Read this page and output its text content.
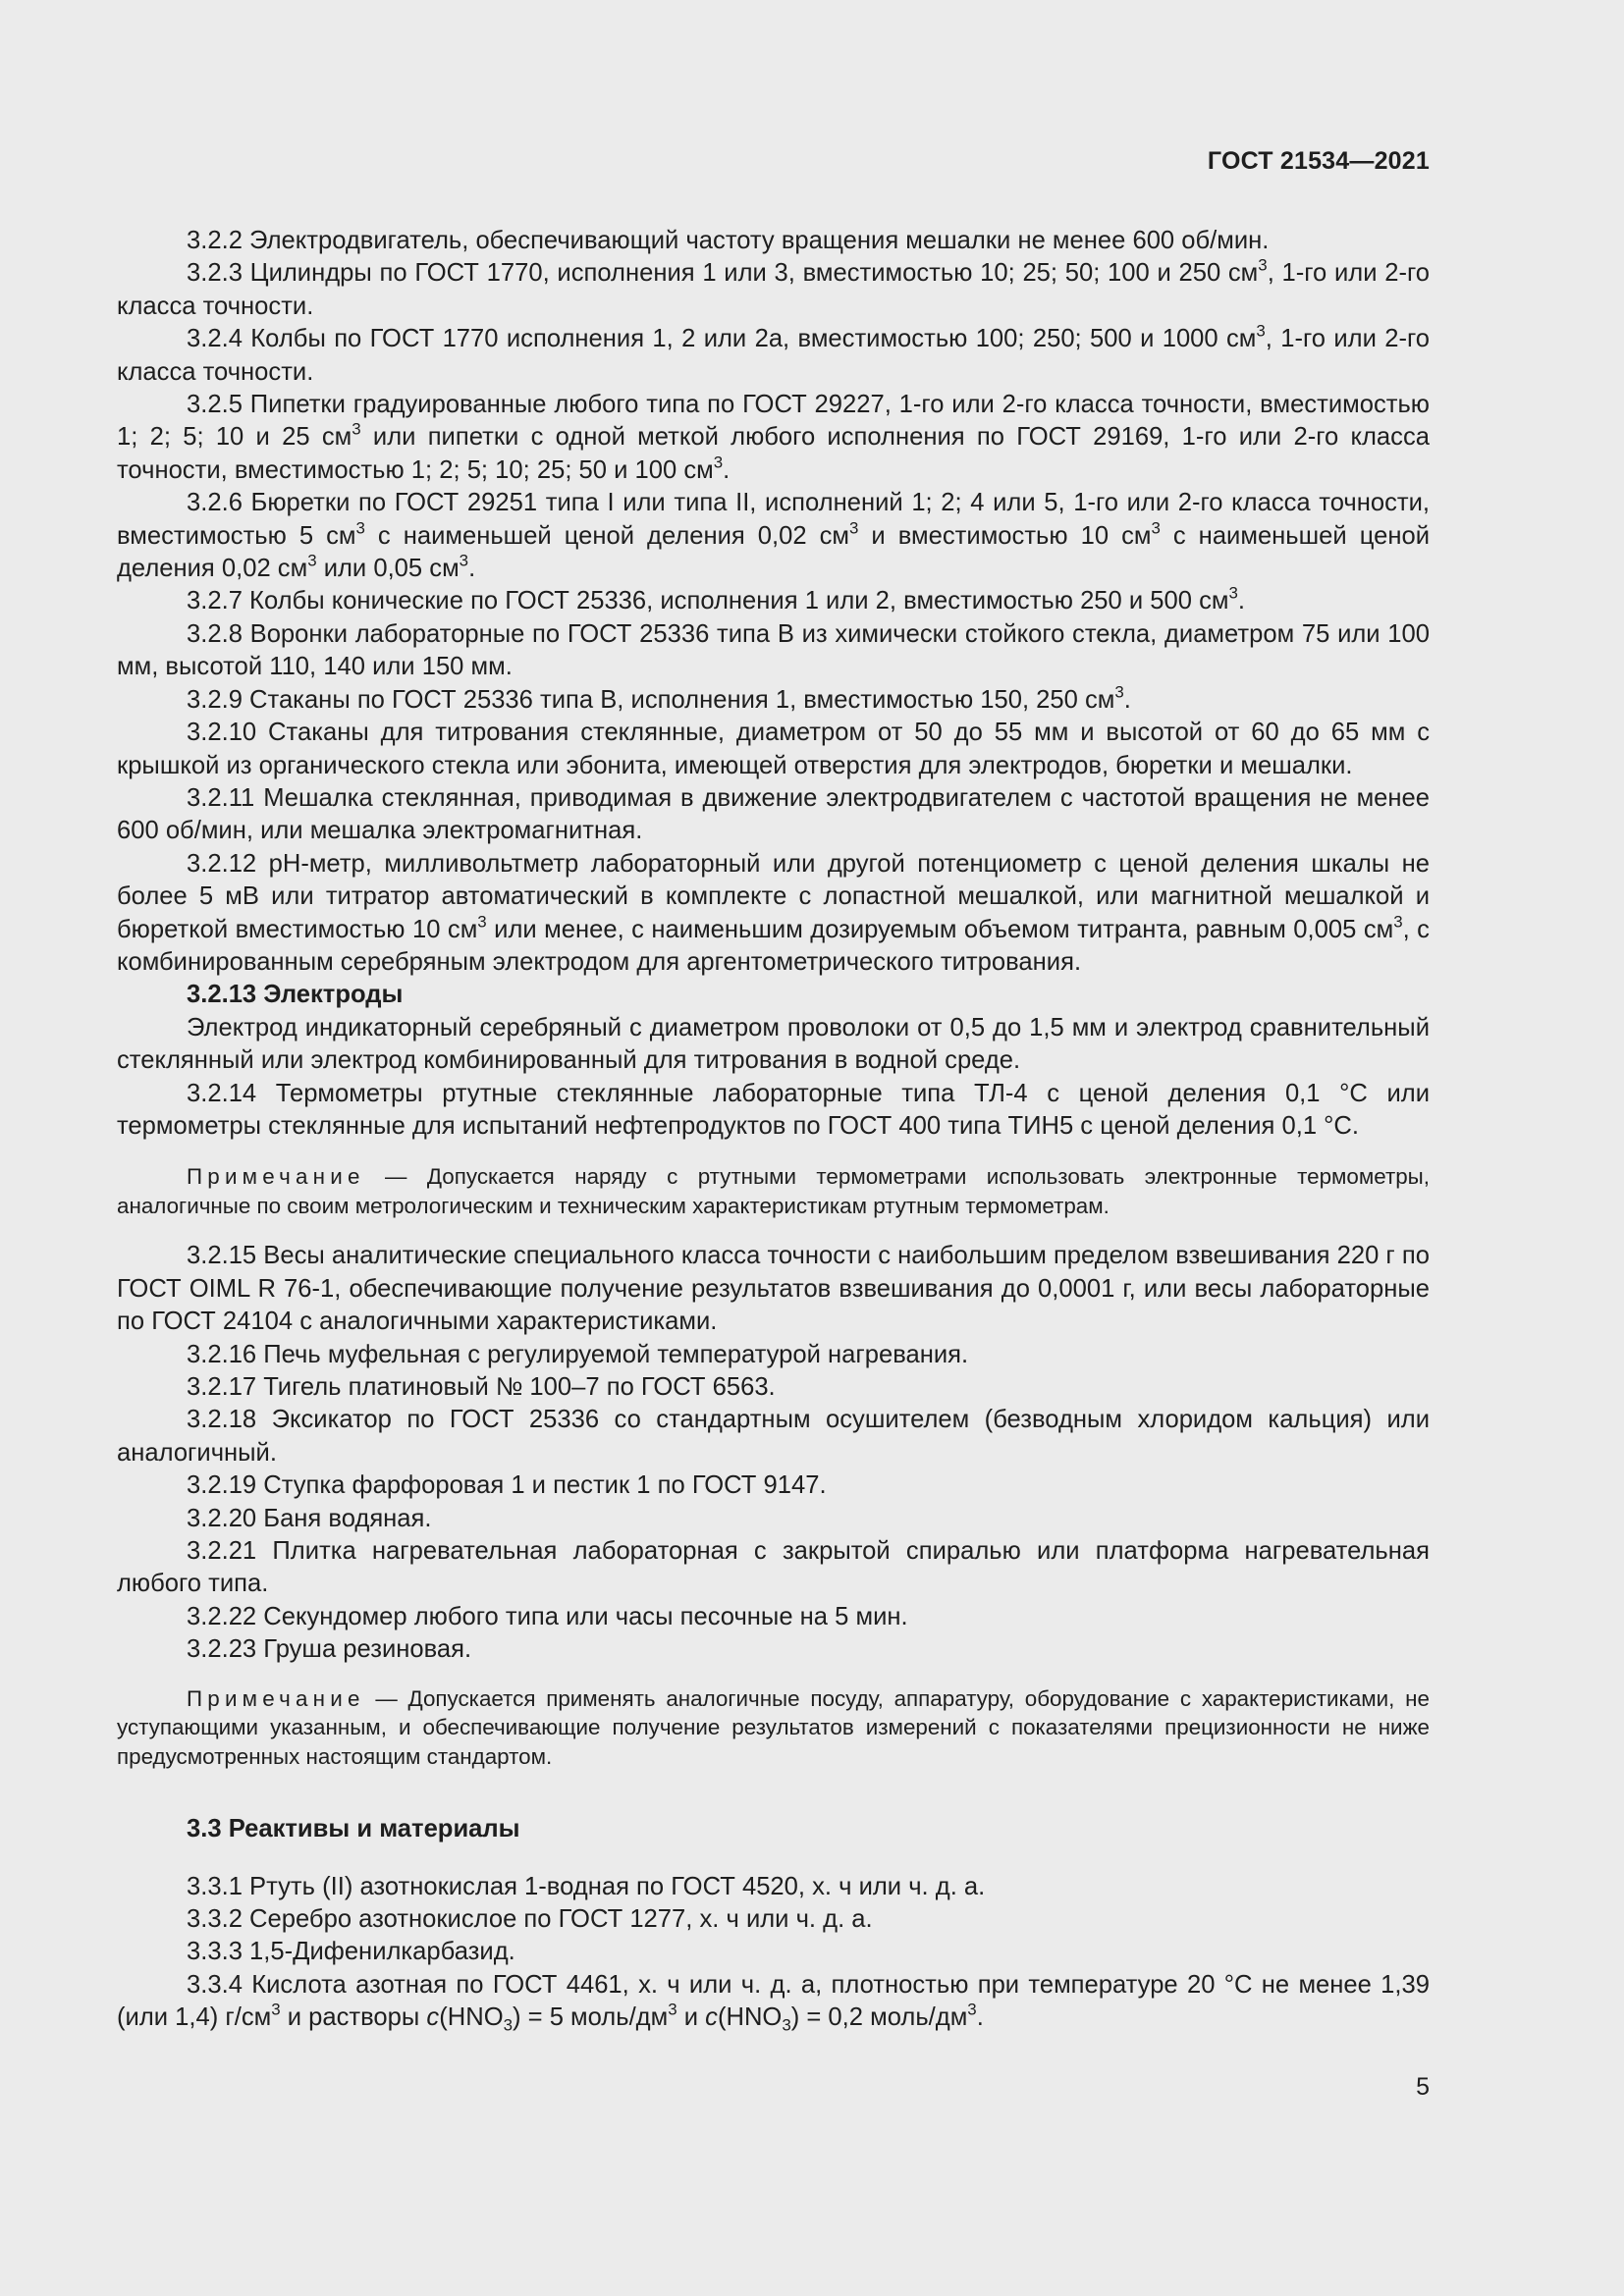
ГОСТ 21534—2021

3.2.2 Электродвигатель, обеспечивающий частоту вращения мешалки не менее 600 об/мин.

3.2.3 Цилиндры по ГОСТ 1770, исполнения 1 или 3, вместимостью 10; 25; 50; 100 и 250 $см^3$, 1-го или 2-го класса точности.

3.2.4 Колбы по ГОСТ 1770 исполнения 1, 2 или 2а, вместимостью 100; 250; 500 и 1000 $см^3$, 1-го или 2-го класса точности.

3.2.5 Пипетки градуированные любого типа по ГОСТ 29227, 1-го или 2-го класса точности, вместимостью 1; 2; 5; 10 и 25 $см^3$ или пипетки с одной меткой любого исполнения по ГОСТ 29169, 1-го или 2-го класса точности, вместимостью 1; 2; 5; 10; 25; 50 и 100 $см^3$.

3.2.6 Бюретки по ГОСТ 29251 типа I или типа II, исполнений 1; 2; 4 или 5, 1-го или 2-го класса точности, вместимостью 5 $см^3$ с наименьшей ценой деления 0,02 $см^3$ и вместимостью 10 $см^3$ с наименьшей ценой деления 0,02 $см^3$ или 0,05 $см^3$.

3.2.7 Колбы конические по ГОСТ 25336, исполнения 1 или 2, вместимостью 250 и 500 $см^3$.

3.2.8 Воронки лабораторные по ГОСТ 25336 типа В из химически стойкого стекла, диаметром 75 или 100 мм, высотой 110, 140 или 150 мм.

3.2.9 Стаканы по ГОСТ 25336 типа В, исполнения 1, вместимостью 150, 250 $см^3$.

3.2.10 Стаканы для титрования стеклянные, диаметром от 50 до 55 мм и высотой от 60 до 65 мм с крышкой из органического стекла или эбонита, имеющей отверстия для электродов, бюретки и мешалки.

3.2.11 Мешалка стеклянная, приводимая в движение электродвигателем с частотой вращения не менее 600 об/мин, или мешалка электромагнитная.

3.2.12 pH-метр, милливольтметр лабораторный или другой потенциометр с ценой деления шкалы не более 5 мВ или титратор автоматический в комплекте с лопастной мешалкой, или магнитной мешалкой и бюреткой вместимостью 10 $см^3$ или менее, с наименьшим дозируемым объемом титранта, равным 0,005 $см^3$, с комбинированным серебряным электродом для аргентометрического титрования.

3.2.13 Электроды

Электрод индикаторный серебряный с диаметром проволоки от 0,5 до 1,5 мм и электрод сравнительный стеклянный или электрод комбинированный для титрования в водной среде.

3.2.14 Термометры ртутные стеклянные лабораторные типа ТЛ-4 с ценой деления 0,1 °С или термометры стеклянные для испытаний нефтепродуктов по ГОСТ 400 типа ТИН5 с ценой деления 0,1 °С.

Примечание — Допускается наряду с ртутными термометрами использовать электронные термометры, аналогичные по своим метрологическим и техническим характеристикам ртутным термометрам.

3.2.15 Весы аналитические специального класса точности с наибольшим пределом взвешивания 220 г по ГОСТ OIML R 76-1, обеспечивающие получение результатов взвешивания до 0,0001 г, или весы лабораторные по ГОСТ 24104 с аналогичными характеристиками.

3.2.16 Печь муфельная с регулируемой температурой нагревания.

3.2.17 Тигель платиновый № 100–7 по ГОСТ 6563.

3.2.18 Эксикатор по ГОСТ 25336 со стандартным осушителем (безводным хлоридом кальция) или аналогичный.

3.2.19 Ступка фарфоровая 1 и пестик 1 по ГОСТ 9147.

3.2.20 Баня водяная.

3.2.21 Плитка нагревательная лабораторная с закрытой спиралью или платформа нагревательная любого типа.

3.2.22 Секундомер любого типа или часы песочные на 5 мин.

3.2.23 Груша резиновая.

Примечание — Допускается применять аналогичные посуду, аппаратуру, оборудование с характеристиками, не уступающими указанным, и обеспечивающие получение результатов измерений с показателями прецизионности не ниже предусмотренных настоящим стандартом.

3.3 Реактивы и материалы

3.3.1 Ртуть (II) азотнокислая 1-водная по ГОСТ 4520, х. ч или ч. д. а.

3.3.2 Серебро азотнокислое по ГОСТ 1277, х. ч или ч. д. а.

3.3.3 1,5-Дифенилкарбазид.

3.3.4 Кислота азотная по ГОСТ 4461, х. ч или ч. д. а, плотностью при температуре 20 °С не менее 1,39 (или 1,4) $г/см^3$ и растворы $с(HNO_3) = 5$ моль/$дм^3$ и $с(HNO_3) = 0,2$ моль/$дм^3$.

5
